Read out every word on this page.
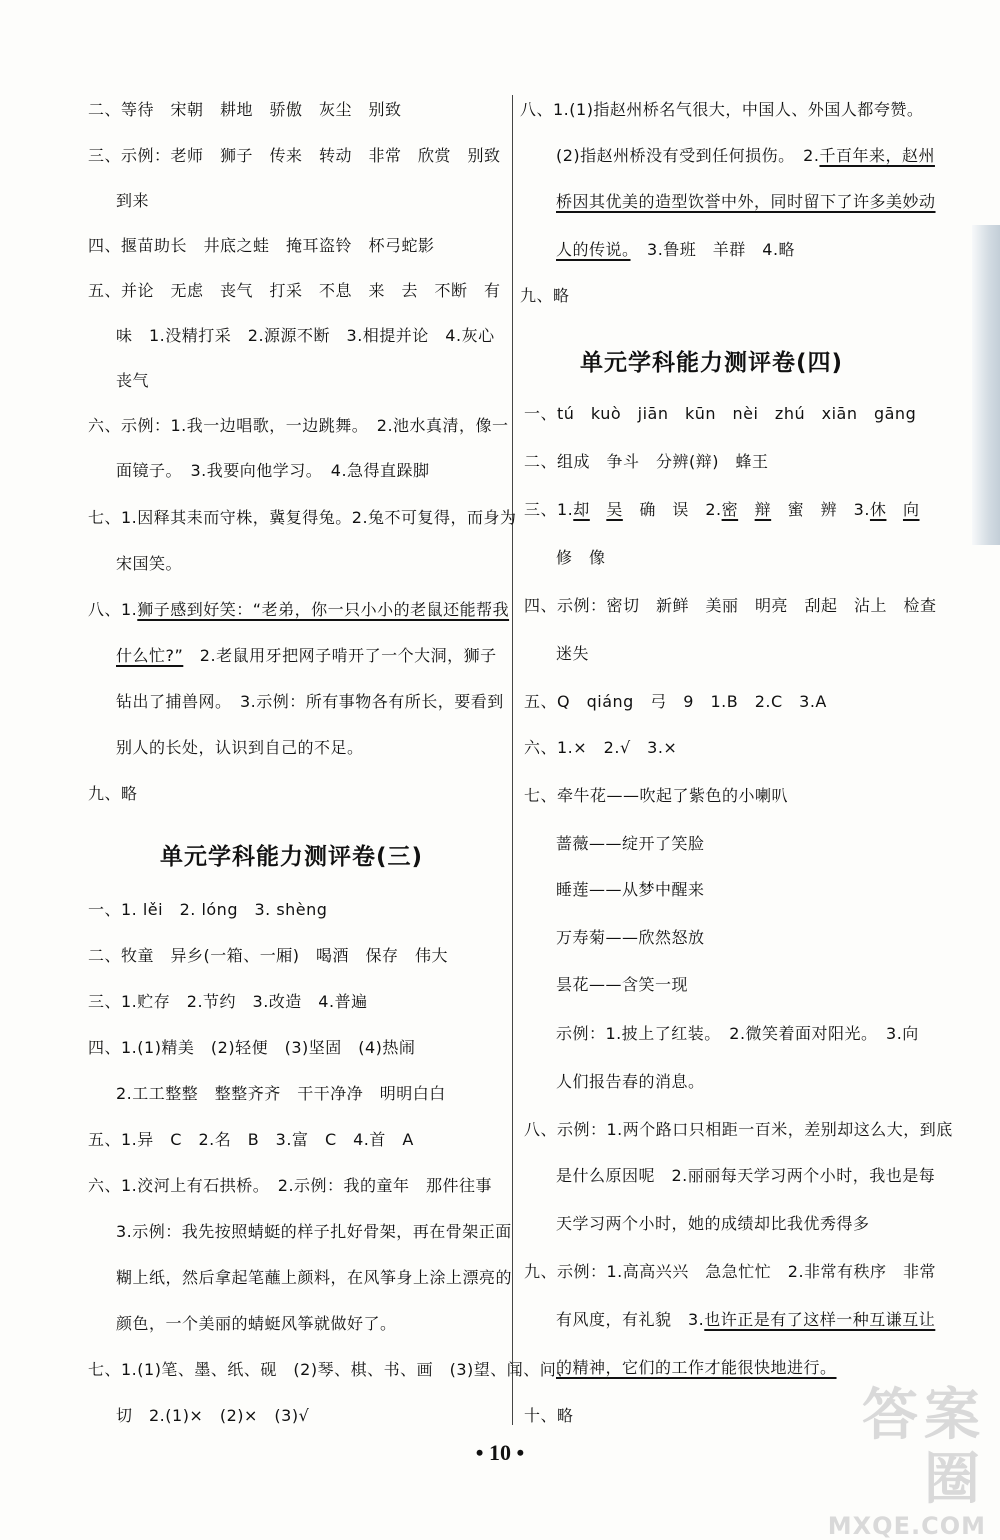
二、等待　宋朝　耕地　骄傲　灰尘　别致
三、示例：老师　狮子　传来　转动　非常　欣赏　别致
到来
四、揠苗助长　井底之蛙　掩耳盗铃　杯弓蛇影
五、并论　无虑　丧气　打采　不息　来　去　不断　有
味　1.没精打采　2.源源不断　3.相提并论　4.灰心
丧气
六、示例：1.我一边唱歌，一边跳舞。　2.池水真清，像一
面镜子。　3.我要向他学习。　4.急得直跺脚
七、1.因释其耒而守株，冀复得兔。2.兔不可复得，而身为
宋国笑。
八、1.狮子感到好笑：“老弟，你一只小小的老鼠还能帮我
什么忙?”　2.老鼠用牙把网子啃开了一个大洞，狮子
钻出了捕兽网。　3.示例：所有事物各有所长，要看到
别人的长处，认识到自己的不足。
九、略
单元学科能力测评卷(三)
一、1. lěi　2. lóng　3. shèng
二、牧童　异乡(一箱、一厢)　喝酒　保存　伟大
三、1.贮存　2.节约　3.改造　4.普遍
四、1.(1)精美　(2)轻便　(3)坚固　(4)热闹
2.工工整整　整整齐齐　干干净净　明明白白
五、1.异　C　2.名　B　3.富　C　4.首　A
六、1.洨河上有石拱桥。　2.示例：我的童年　那件往事
3.示例：我先按照蜻蜓的样子扎好骨架，再在骨架正面
糊上纸，然后拿起笔蘸上颜料，在风筝身上涂上漂亮的
颜色，一个美丽的蜻蜓风筝就做好了。
七、1.(1)笔、墨、纸、砚　(2)琴、棋、书、画　(3)望、闻、问、
切　2.(1)×　(2)×　(3)√
八、1.(1)指赵州桥名气很大，中国人、外国人都夸赞。
(2)指赵州桥没有受到任何损伤。　2.千百年来，赵州
桥因其优美的造型饮誉中外，同时留下了许多美妙动
人的传说。　3.鲁班　羊群　4.略
九、略
单元学科能力测评卷(四)
一、tú　kuò　jiān　kūn　nèi　zhú　xiān　gāng
二、组成　争斗　分辨(辩)　蜂王
三、1.却　 吴　确　误　2.密　 辩　蜜　辨　3.休　 向
修　像
四、示例：密切　新鲜　美丽　明亮　刮起　沾上　检查
迷失
五、Q　qiáng　弓　9　1.B　2.C　3.A
六、1.×　2.√　3.×
七、牵牛花——吹起了紫色的小喇叭
蔷薇——绽开了笑脸
睡莲——从梦中醒来
万寿菊——欣然怒放
昙花——含笑一现
示例：1.披上了红装。　2.微笑着面对阳光。　3.向
人们报告春的消息。
八、示例：1.两个路口只相距一百米，差别却这么大，到底
是什么原因呢　2.丽丽每天学习两个小时，我也是每
天学习两个小时，她的成绩却比我优秀得多
九、示例：1.高高兴兴　急急忙忙　2.非常有秩序　非常
有风度，有礼貌　3.也许正是有了这样一种互谦互让
的精神，它们的工作才能很快地进行。
十、略
• 10 •
答案圈
MXQE.COM
